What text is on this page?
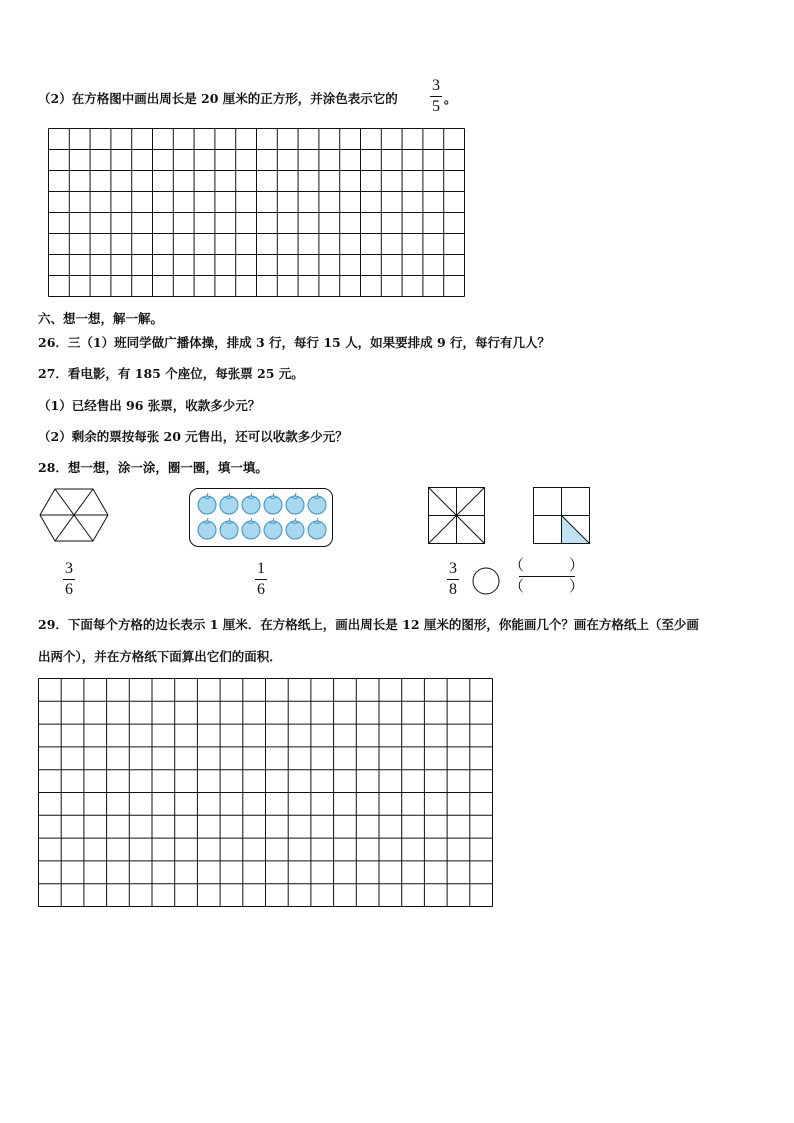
（2）在方格图中画出周长是 20 厘米的正方形，并涂色表示它的
3
5 。
六、想一想，解一解。
26．三（1）班同学做广播体操，排成 3 行，每行 15 人，如果要排成 9 行，每行有几人？
27．看电影，有 185 个座位，每张票 25 元。
（1）已经售出 96 张票，收款多少元？
（2）剩余的票按每张 20 元售出，还可以收款多少元？
28．想一想，涂一涂，圈一圈，填一填。
3
6
1
6
3
8
（　　　）
（　　　）
29．下面每个方格的边长表示 1 厘米．在方格纸上，画出周长是 12 厘米的图形，你能画几个？画在方格纸上（至少画
出两个），并在方格纸下面算出它们的面积．
